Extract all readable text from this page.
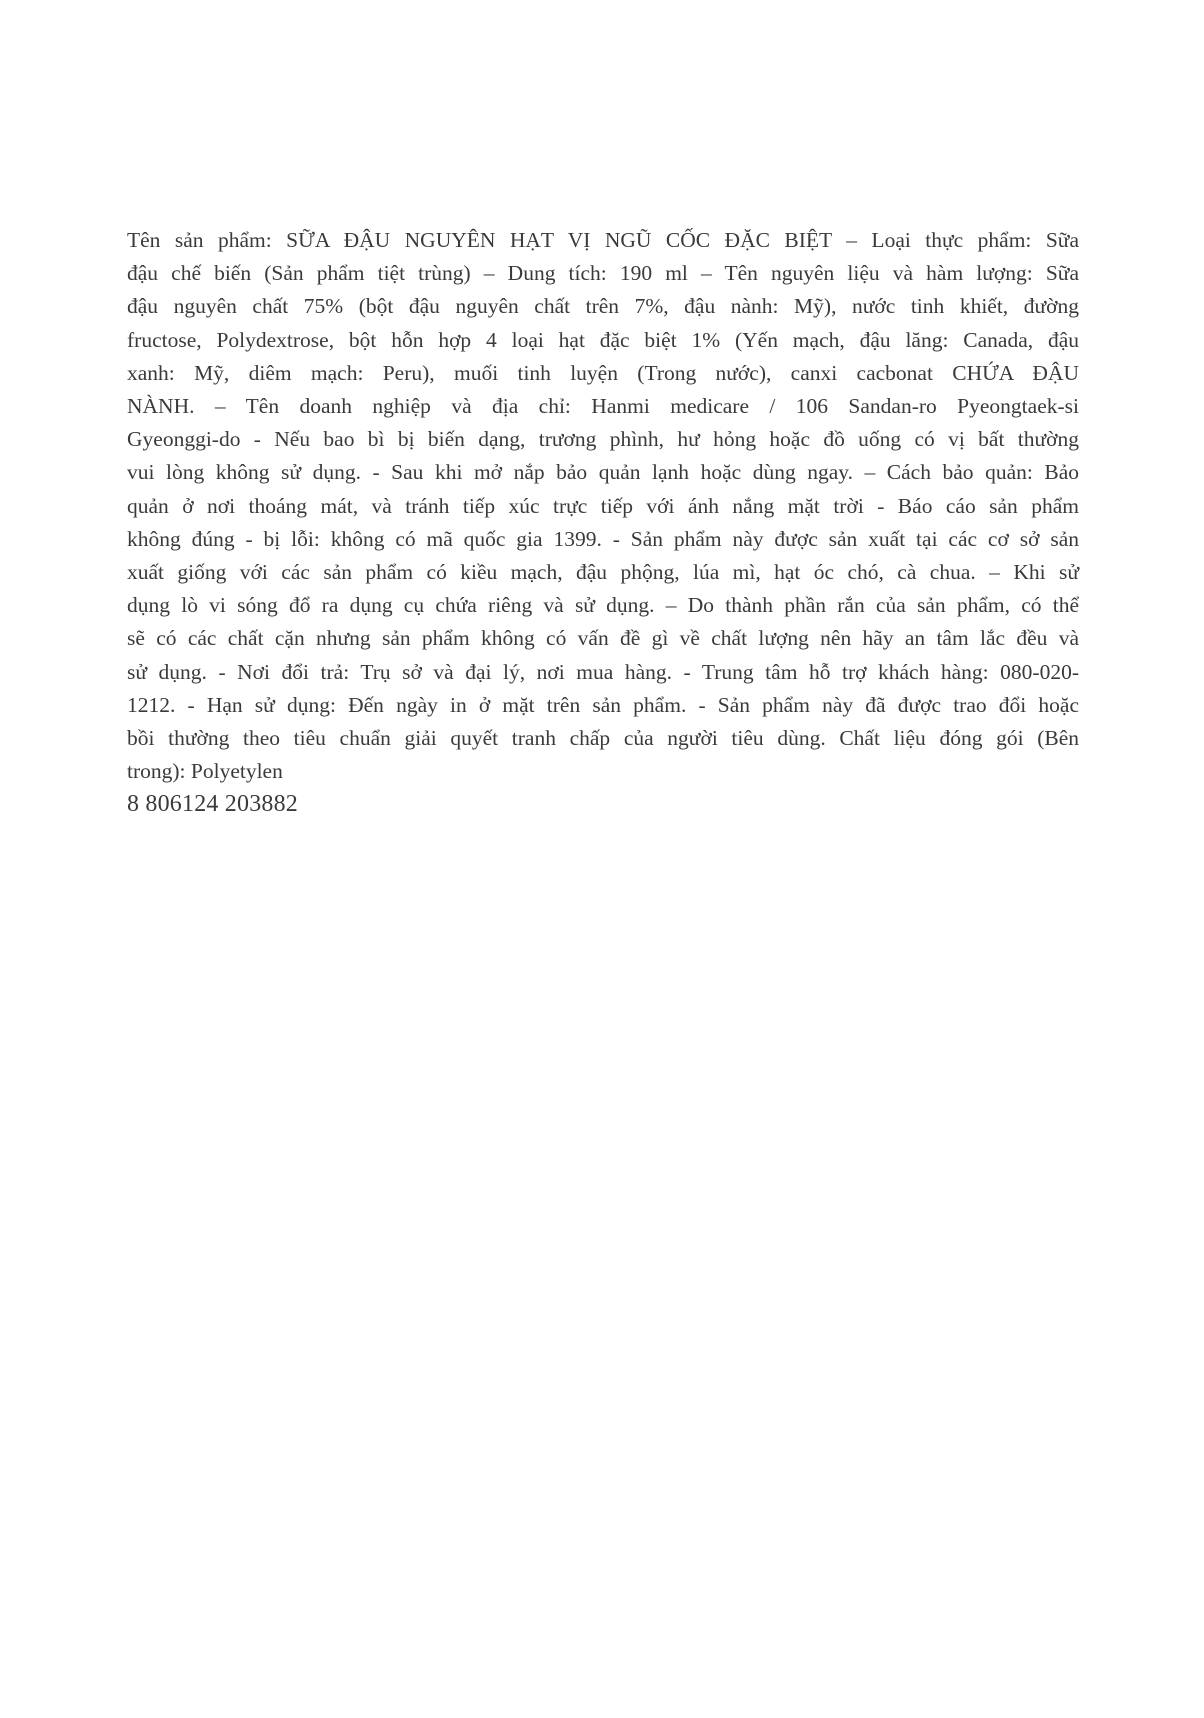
Tên sản phẩm: SỮA ĐẬU NGUYÊN HẠT VỊ NGŨ CỐC ĐẶC BIỆT – Loại thực phẩm: Sữa
đậu chế biến (Sản phẩm tiệt trùng) – Dung tích: 190 ml – Tên nguyên liệu và hàm lượng: Sữa
đậu nguyên chất 75% (bột đậu nguyên chất trên 7%, đậu nành: Mỹ), nước tinh khiết, đường
fructose, Polydextrose, bột hỗn hợp 4 loại hạt đặc biệt 1% (Yến mạch, đậu lăng: Canada, đậu
xanh: Mỹ, diêm mạch: Peru), muối tinh luyện (Trong nước), canxi cacbonat CHỨA ĐẬU
NÀNH. – Tên doanh nghiệp và địa chỉ: Hanmi medicare / 106 Sandan-ro Pyeongtaek-si
Gyeonggi-do - Nếu bao bì bị biến dạng, trương phình, hư hỏng hoặc đồ uống có vị bất thường
vui lòng không sử dụng. - Sau khi mở nắp bảo quản lạnh hoặc dùng ngay. – Cách bảo quản: Bảo
quản ở nơi thoáng mát, và tránh tiếp xúc trực tiếp với ánh nắng mặt trời - Báo cáo sản phẩm
không đúng - bị lỗi: không có mã quốc gia 1399. - Sản phẩm này được sản xuất tại các cơ sở sản
xuất giống với các sản phẩm có kiều mạch, đậu phộng, lúa mì, hạt óc chó, cà chua. – Khi sử
dụng lò vi sóng đổ ra dụng cụ chứa riêng và sử dụng. – Do thành phần rắn của sản phẩm, có thể
sẽ có các chất cặn nhưng sản phẩm không có vấn đề gì về chất lượng nên hãy an tâm lắc đều và
sử dụng. - Nơi đổi trả: Trụ sở và đại lý, nơi mua hàng. - Trung tâm hỗ trợ khách hàng: 080-020-
1212. - Hạn sử dụng: Đến ngày in ở mặt trên sản phẩm. - Sản phẩm này đã được trao đổi hoặc
bồi thường theo tiêu chuẩn giải quyết tranh chấp của người tiêu dùng. Chất liệu đóng gói (Bên
trong): Polyetylen

8 806124 203882
